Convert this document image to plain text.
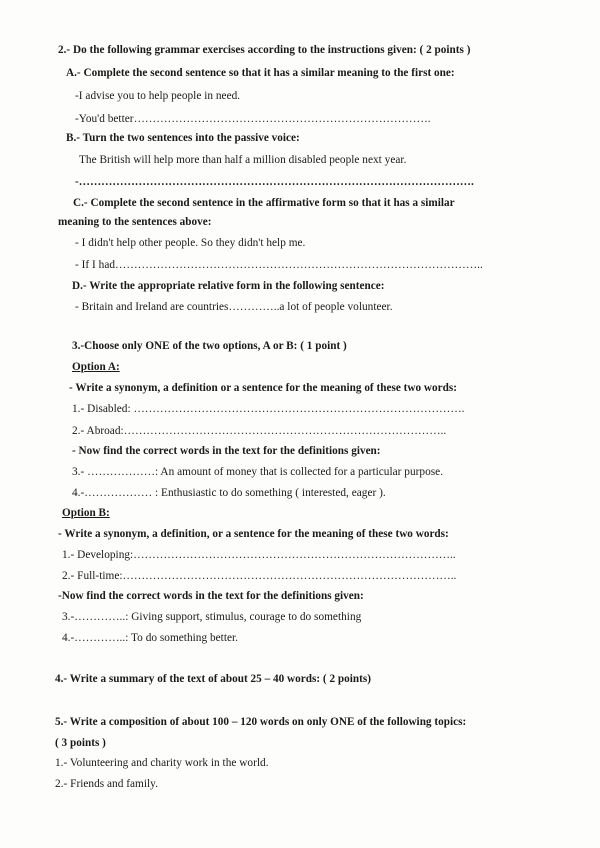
2.- Do the following grammar exercises according to the instructions given: ( 2 points )
A.- Complete the second sentence so that it has a similar meaning to the first one:
-I advise you to help people in need.
-You'd better…………………………………………………………………….
B.- Turn the two sentences into the passive voice:
The British will help more than half a million disabled people next year.
-…………………………………………………………………………………………….
C.- Complete the second sentence in the affirmative form so that it has a similar
meaning to the sentences above:
- I didn't help other people. So they didn't help me.
- If I had……………………………………………………………………………………..
D.- Write the appropriate relative form in the following sentence:
- Britain and Ireland are countries…………..a lot of people volunteer.
3.-Choose only ONE of the two options, A or B: ( 1 point )
Option A:
- Write a synonym, a definition or a sentence for the meaning of these two words:
1.- Disabled: …………………………………………………………………………….
2.- Abroad:…………………………………………………………………………..
- Now find the correct words in the text for the definitions given:
3.- ………………: An amount of money that is collected for a particular purpose.
4.-……………… : Enthusiastic to do something ( interested, eager ).
Option B:
- Write a synonym, a definition, or a sentence for the meaning of these two words:
1.- Developing:…………………………………………………………………………..
2.- Full-time:……………………………………………………………………………..
-Now find the correct words in the text for the definitions given:
3.-…………..: Giving support, stimulus, courage to do something
4.-…………..: To do something better.
4.- Write a summary of the text of about 25 – 40 words: ( 2 points)
5.- Write a composition of about 100 – 120 words on only ONE of the following topics:
( 3 points )
1.- Volunteering and charity work in the world.
2.- Friends and family.
